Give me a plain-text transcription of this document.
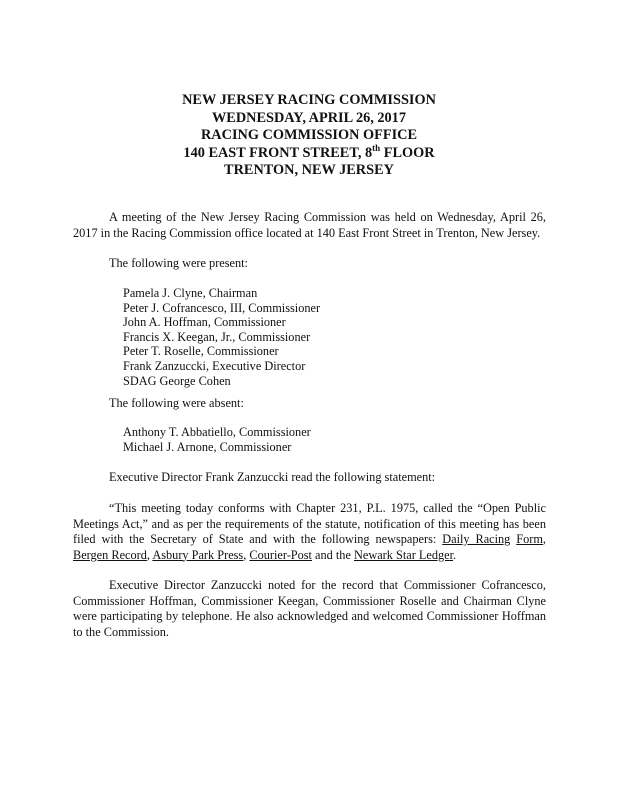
NEW JERSEY RACING COMMISSION
WEDNESDAY, APRIL 26, 2017
RACING COMMISSION OFFICE
140 EAST FRONT STREET, 8th FLOOR
TRENTON, NEW JERSEY

A meeting of the New Jersey Racing Commission was held on Wednesday, April 26, 2017 in the Racing Commission office located at 140 East Front Street in Trenton, New Jersey.

The following were present:

Pamela J. Clyne, Chairman
Peter J. Cofrancesco, III, Commissioner
John A. Hoffman, Commissioner
Francis X. Keegan, Jr., Commissioner
Peter T. Roselle, Commissioner
Frank Zanzuccki, Executive Director
SDAG George Cohen

The following were absent:

Anthony T. Abbatiello, Commissioner
Michael J. Arnone, Commissioner

Executive Director Frank Zanzuccki read the following statement:

“This meeting today conforms with Chapter 231, P.L. 1975, called the “Open Public Meetings Act,” and as per the requirements of the statute, notification of this meeting has been filed with the Secretary of State and with the following newspapers: Daily Racing Form, Bergen Record, Asbury Park Press, Courier-Post and the Newark Star Ledger.

Executive Director Zanzuccki noted for the record that Commissioner Cofrancesco, Commissioner Hoffman, Commissioner Keegan, Commissioner Roselle and Chairman Clyne were participating by telephone. He also acknowledged and welcomed Commissioner Hoffman to the Commission.
